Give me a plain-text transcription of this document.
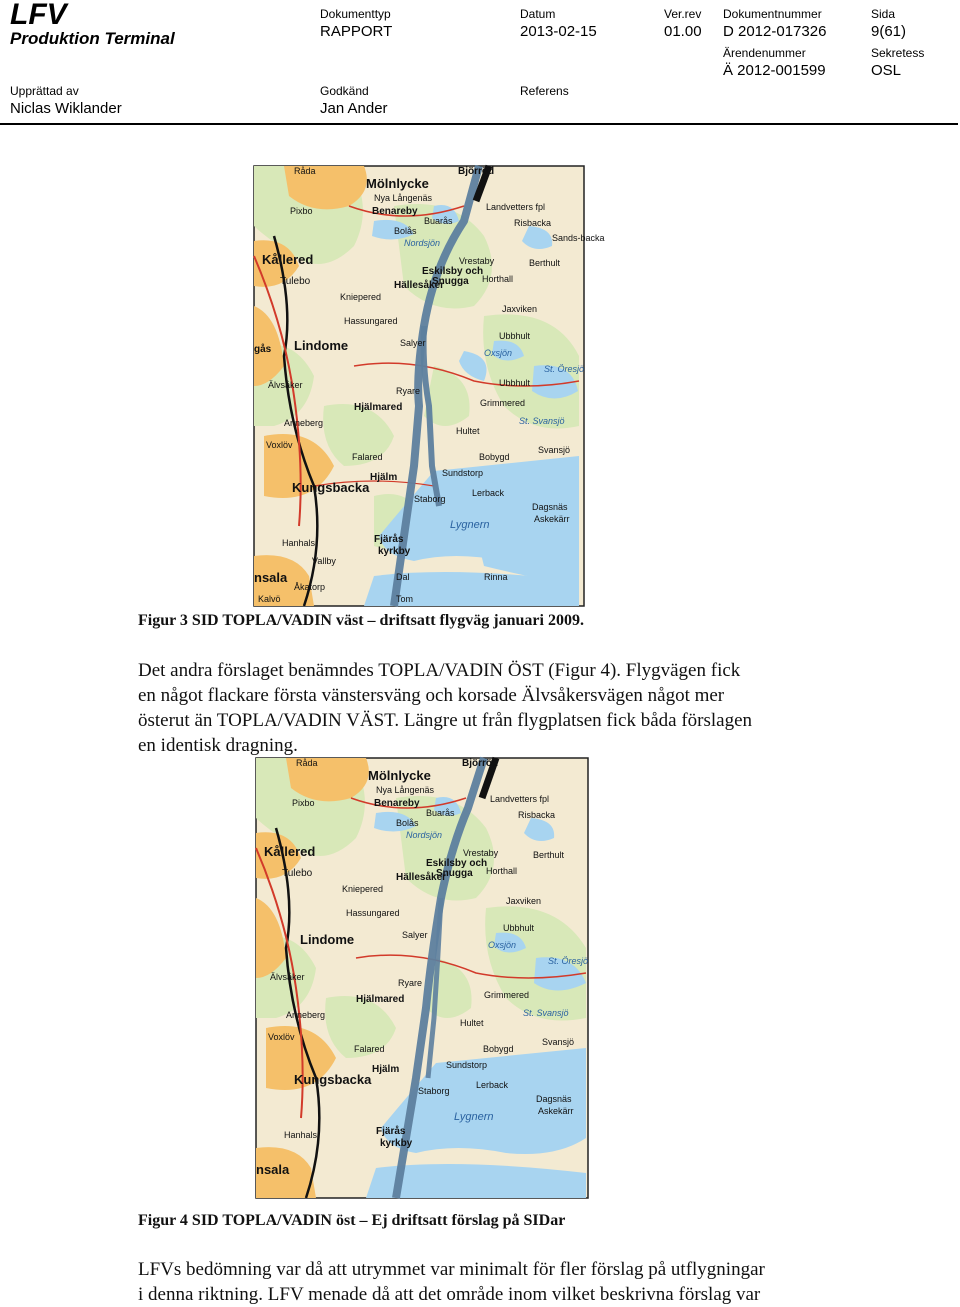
LFV
Produktion Terminal
Dokumenttyp
RAPPORT
Datum
2013-02-15
Ver.rev
01.00
Dokumentnummer
D 2012-017326
Sida
9(61)
Ärendenummer
Ä 2012-001599
Sekretess
OSL
Upprättad av
Niclas Wiklander
Godkänd
Jan Ander
Referens
Mölnlycke
Björröd
Nya Långenäs
Landvetters fpl
Benareby
Råda
Pixbo
Buarås
Bolås
Nordsjön
Risbacka
Sands-backa
Kållered	Vrestaby	Berthult
Eskilsby och
Snugga Horthall
Tulebo	Hällesåker
Kniepered
Jaxviken
Hassungared
Ubbhult
Lindome
gås
Salyer
Oxsjön
St. Öresjö
Älvsåker
Ryare
Ubbhult
Hjälmared	Grimmered
Anneberg	St. Svansjö
Hultet
Voxlöv
Bobygd
Svansjö
Falared
Sundstorp
Hjälm
Kungsbacka	Lerback
Staborg
Dagsnäs
Askekärr
Lygnern
Fjärås
kyrkby
Hanhals
Vallby
nsala	Rinna
Dal
Åkatorp
Kalvö	Tom
Figur 3 SID TOPLA/VADIN väst – driftsatt flygväg januari 2009.
Det andra förslaget benämndes TOPLA/VADIN ÖST (Figur 4). Flygvägen fick
en något flackare första vänstersväng och korsade Älvsåkersvägen något mer
österut än TOPLA/VADIN VÄST. Längre ut från flygplatsen fick båda förslagen
en identisk dragning.
Mölnlycke
Björröd
Nya Långenäs
Landvetters fpl
Benareby
Råda
Pixbo
Buarås
Bolås
Nordsjön
Risbacka
Kållered	Vrestaby	Berthult
Eskilsby och
Snugga Horthall
Tulebo	Hällesåker
Kniepered
Jaxviken
Hassungared
Ubbhult
Lindome	Salyer
Oxsjön
St. Öresjö
Älvsåker
Ryare
Hjälmared	Grimmered
Anneberg	St. Svansjö
Hultet
Voxlöv
Bobygd
Svansjö
Falared
Sundstorp
Hjälm
Kungsbacka	Lerback
Staborg
Dagsnäs
Askekärr
Lygnern
Fjärås
kyrkby
Hanhals
nsala
Figur 4 SID TOPLA/VADIN öst – Ej driftsatt förslag på SIDar
LFVs bedömning var då att utrymmet var minimalt för fler förslag på utflygningar
i denna riktning. LFV menade då att det område inom vilket beskrivna förslag var
